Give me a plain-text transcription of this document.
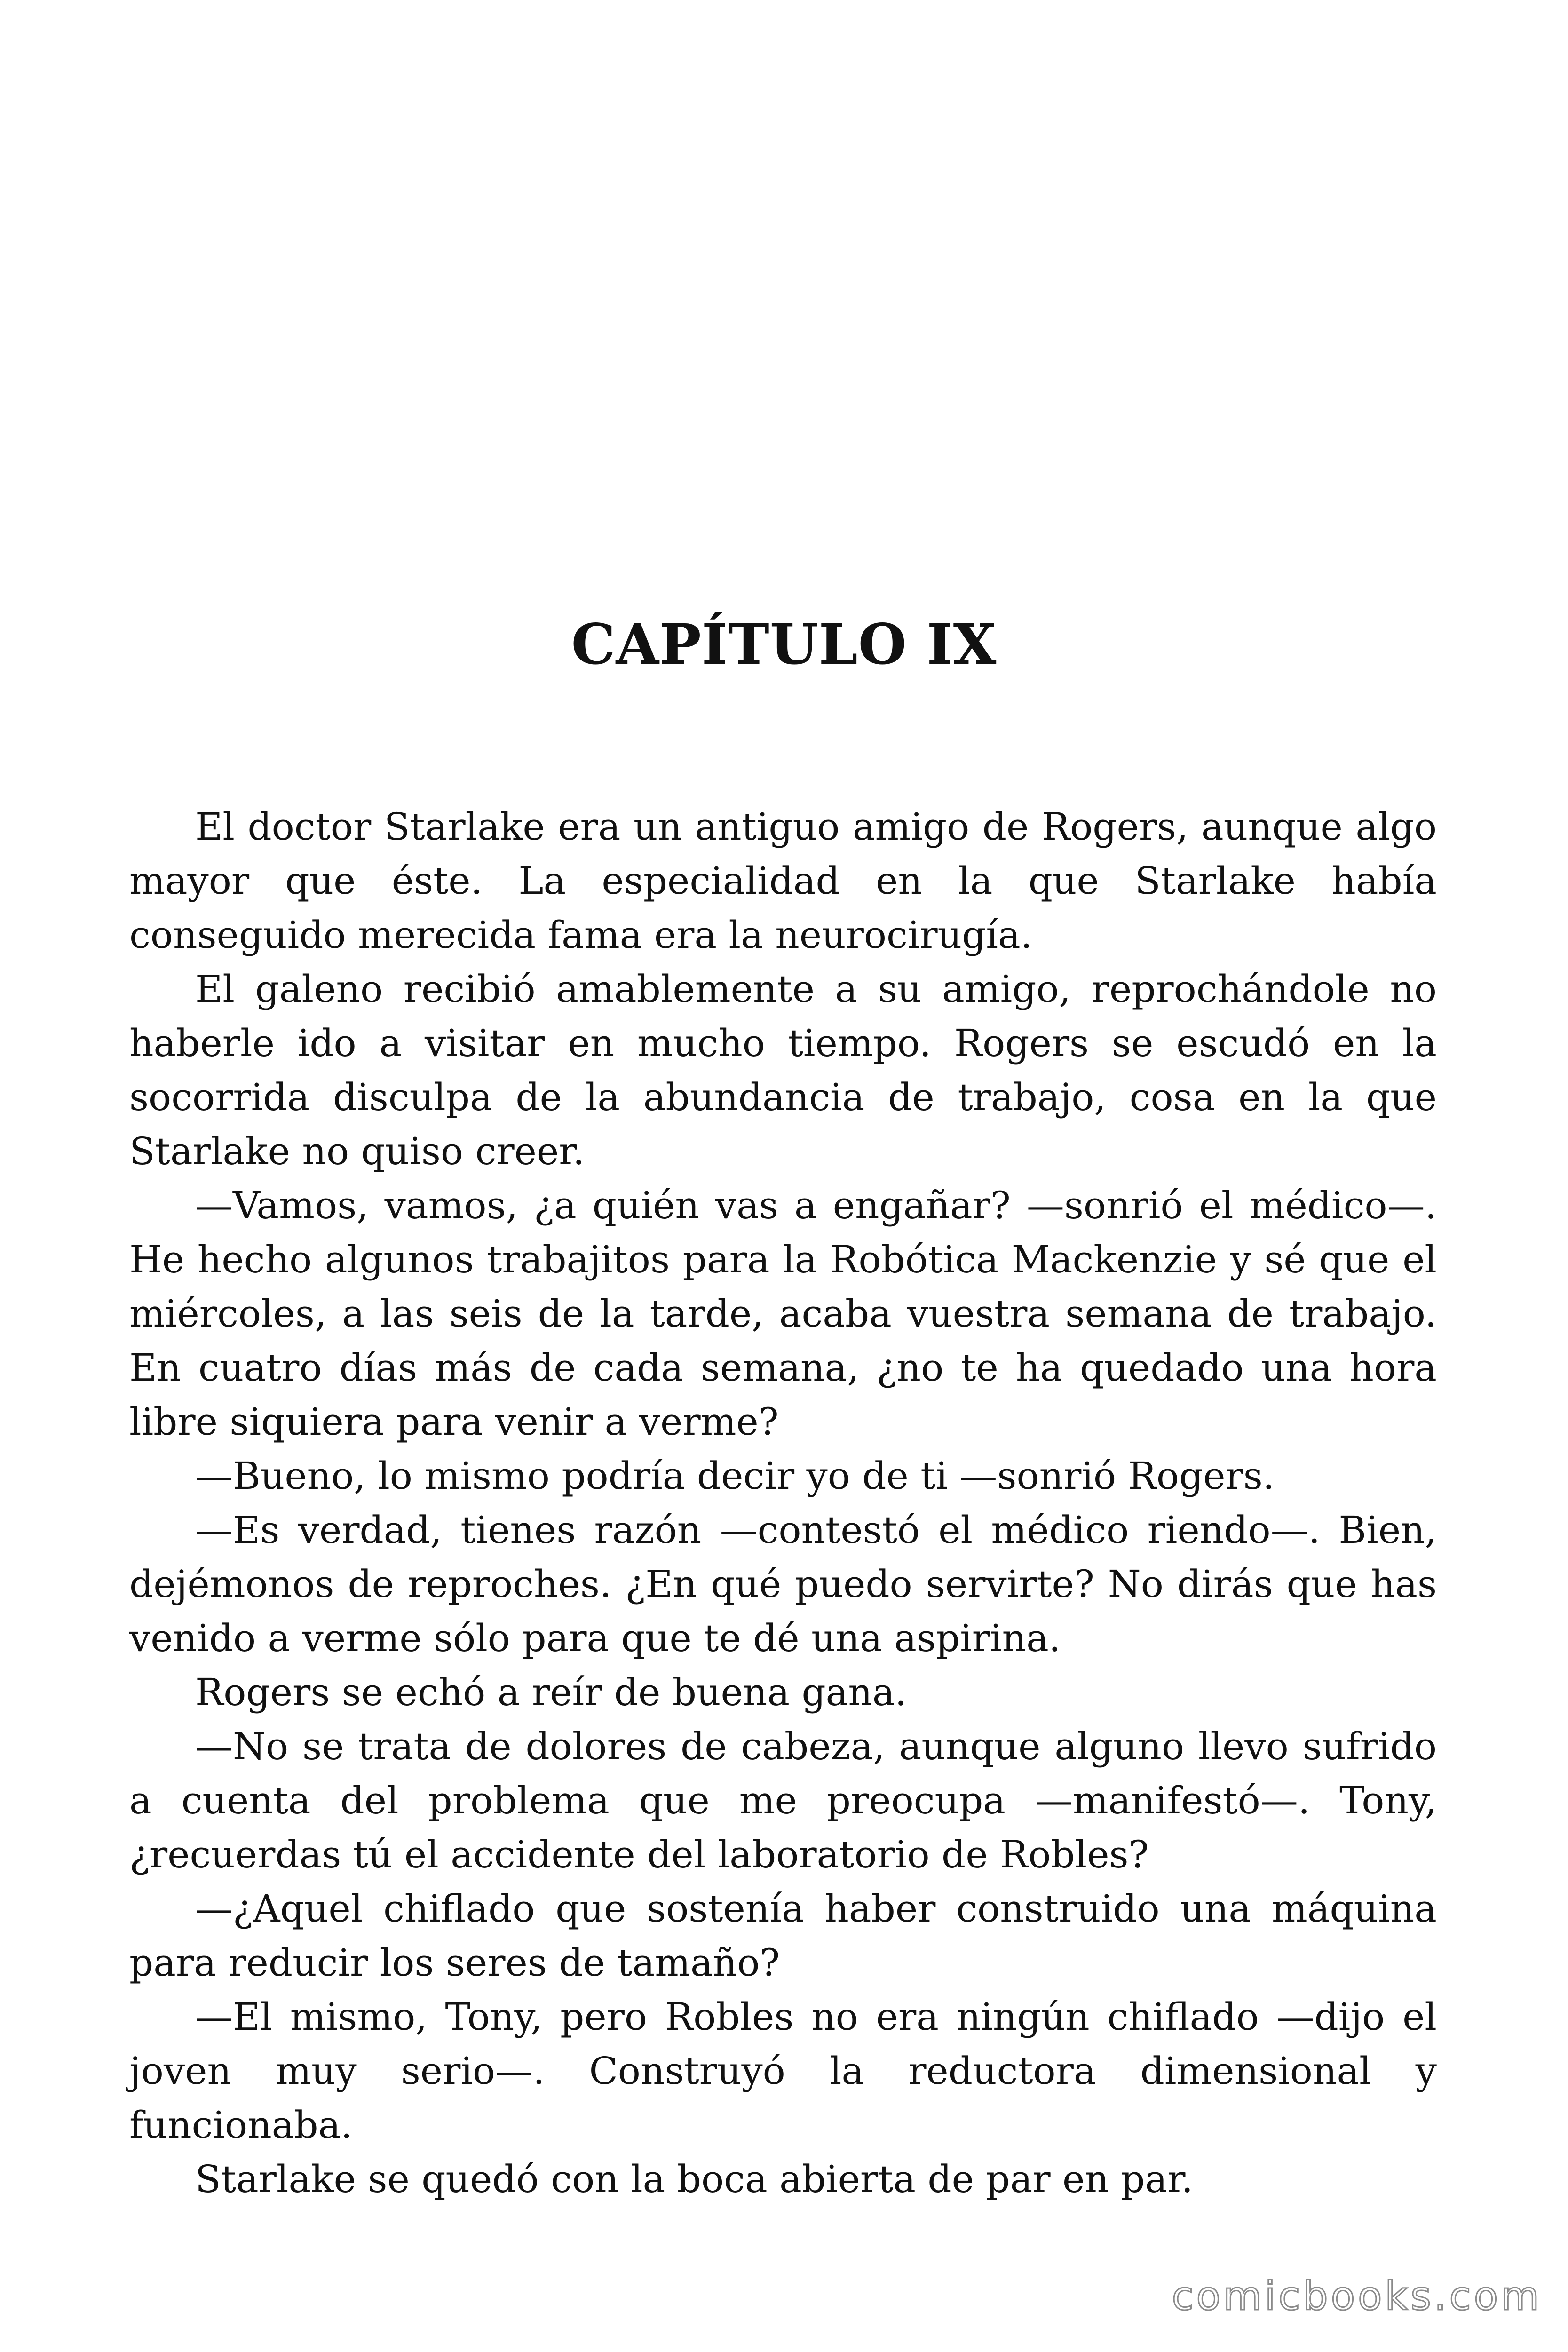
CAPÍTULO IX

El doctor Starlake era un antiguo amigo de Rogers, aunque algo mayor que éste. La especialidad en la que Starlake había conseguido merecida fama era la neurocirugía.

El galeno recibió amablemente a su amigo, reprochándole no haberle ido a visitar en mucho tiempo. Rogers se escudó en la socorrida disculpa de la abundancia de trabajo, cosa en la que Starlake no quiso creer.

—Vamos, vamos, ¿a quién vas a engañar? —sonrió el médico—. He hecho algunos trabajitos para la Robótica Mackenzie y sé que el miércoles, a las seis de la tarde, acaba vuestra semana de trabajo. En cuatro días más de cada semana, ¿no te ha quedado una hora libre siquiera para venir a verme?

—Bueno, lo mismo podría decir yo de ti —sonrió Rogers.

—Es verdad, tienes razón —contestó el médico riendo—. Bien, dejémonos de reproches. ¿En qué puedo servirte? No dirás que has venido a verme sólo para que te dé una aspirina.

Rogers se echó a reír de buena gana.

—No se trata de dolores de cabeza, aunque alguno llevo sufrido a cuenta del problema que me preocupa —manifestó—. Tony, ¿recuerdas tú el accidente del laboratorio de Robles?

—¿Aquel chiflado que sostenía haber construido una máquina para reducir los seres de tamaño?

—El mismo, Tony, pero Robles no era ningún chiflado —dijo el joven muy serio—. Construyó la reductora dimensional y funcionaba.

Starlake se quedó con la boca abierta de par en par.

comicbooks.com
